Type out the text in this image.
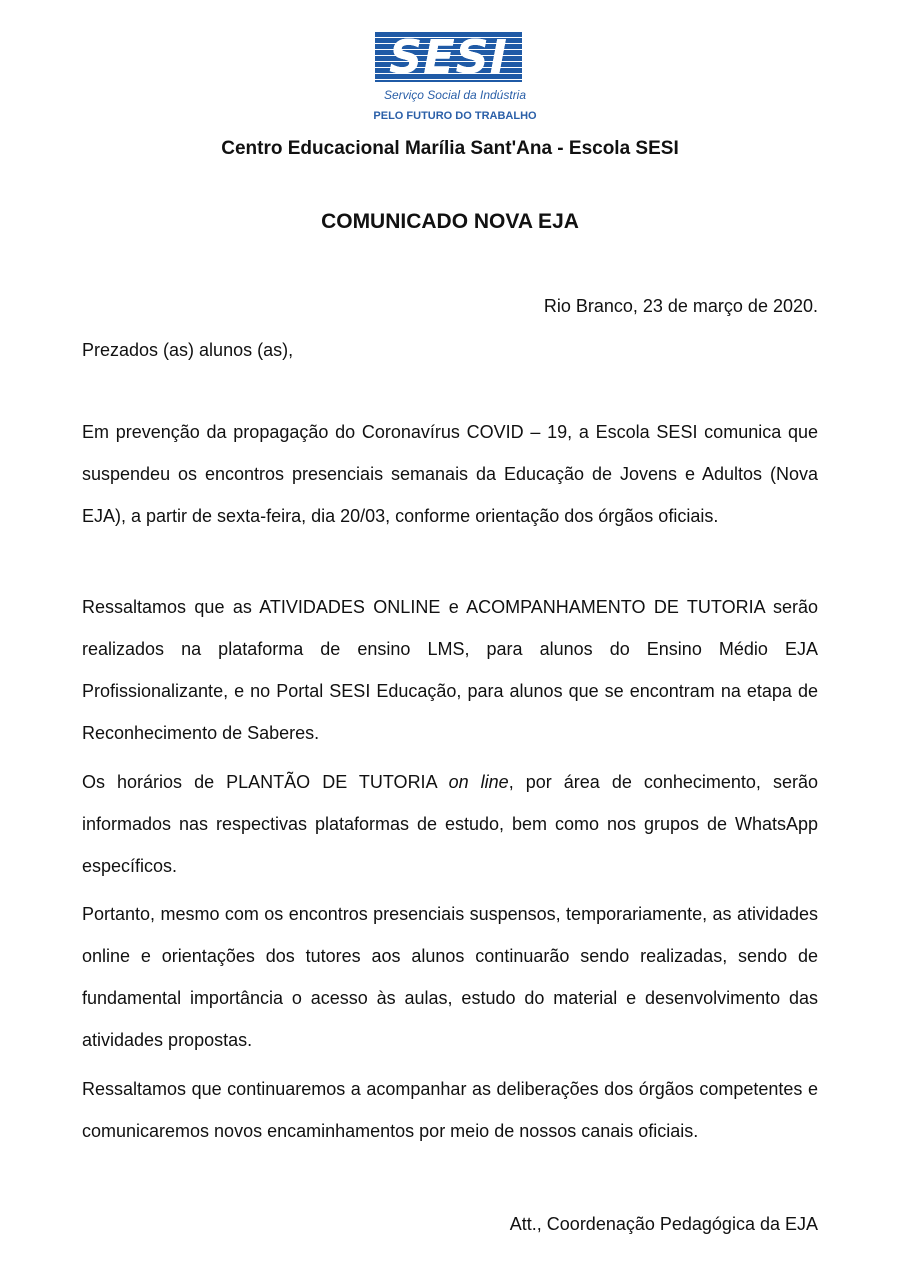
SESI
Serviço Social da Indústria
PELO FUTURO DO TRABALHO
Centro Educacional Marília Sant'Ana - Escola SESI
COMUNICADO NOVA EJA
Rio Branco, 23 de março de 2020.
Prezados (as) alunos (as),
Em prevenção da propagação do Coronavírus COVID – 19, a Escola SESI comunica que suspendeu os encontros presenciais semanais da Educação de Jovens e Adultos (Nova EJA), a partir de sexta-feira, dia 20/03, conforme orientação dos órgãos oficiais.
Ressaltamos que as ATIVIDADES ONLINE e ACOMPANHAMENTO DE TUTORIA serão realizados na plataforma de ensino LMS, para alunos do Ensino Médio EJA Profissionalizante, e no Portal SESI Educação, para alunos que se encontram na etapa de Reconhecimento de Saberes.
Os horários de PLANTÃO DE TUTORIA on line, por área de conhecimento, serão informados nas respectivas plataformas de estudo, bem como nos grupos de WhatsApp específicos.
Portanto, mesmo com os encontros presenciais suspensos, temporariamente, as atividades online e orientações dos tutores aos alunos continuarão sendo realizadas, sendo de fundamental importância o acesso às aulas, estudo do material e desenvolvimento das atividades propostas.
Ressaltamos que continuaremos a acompanhar as deliberações dos órgãos competentes e comunicaremos novos encaminhamentos por meio de nossos canais oficiais.
Att., Coordenação Pedagógica da EJA
